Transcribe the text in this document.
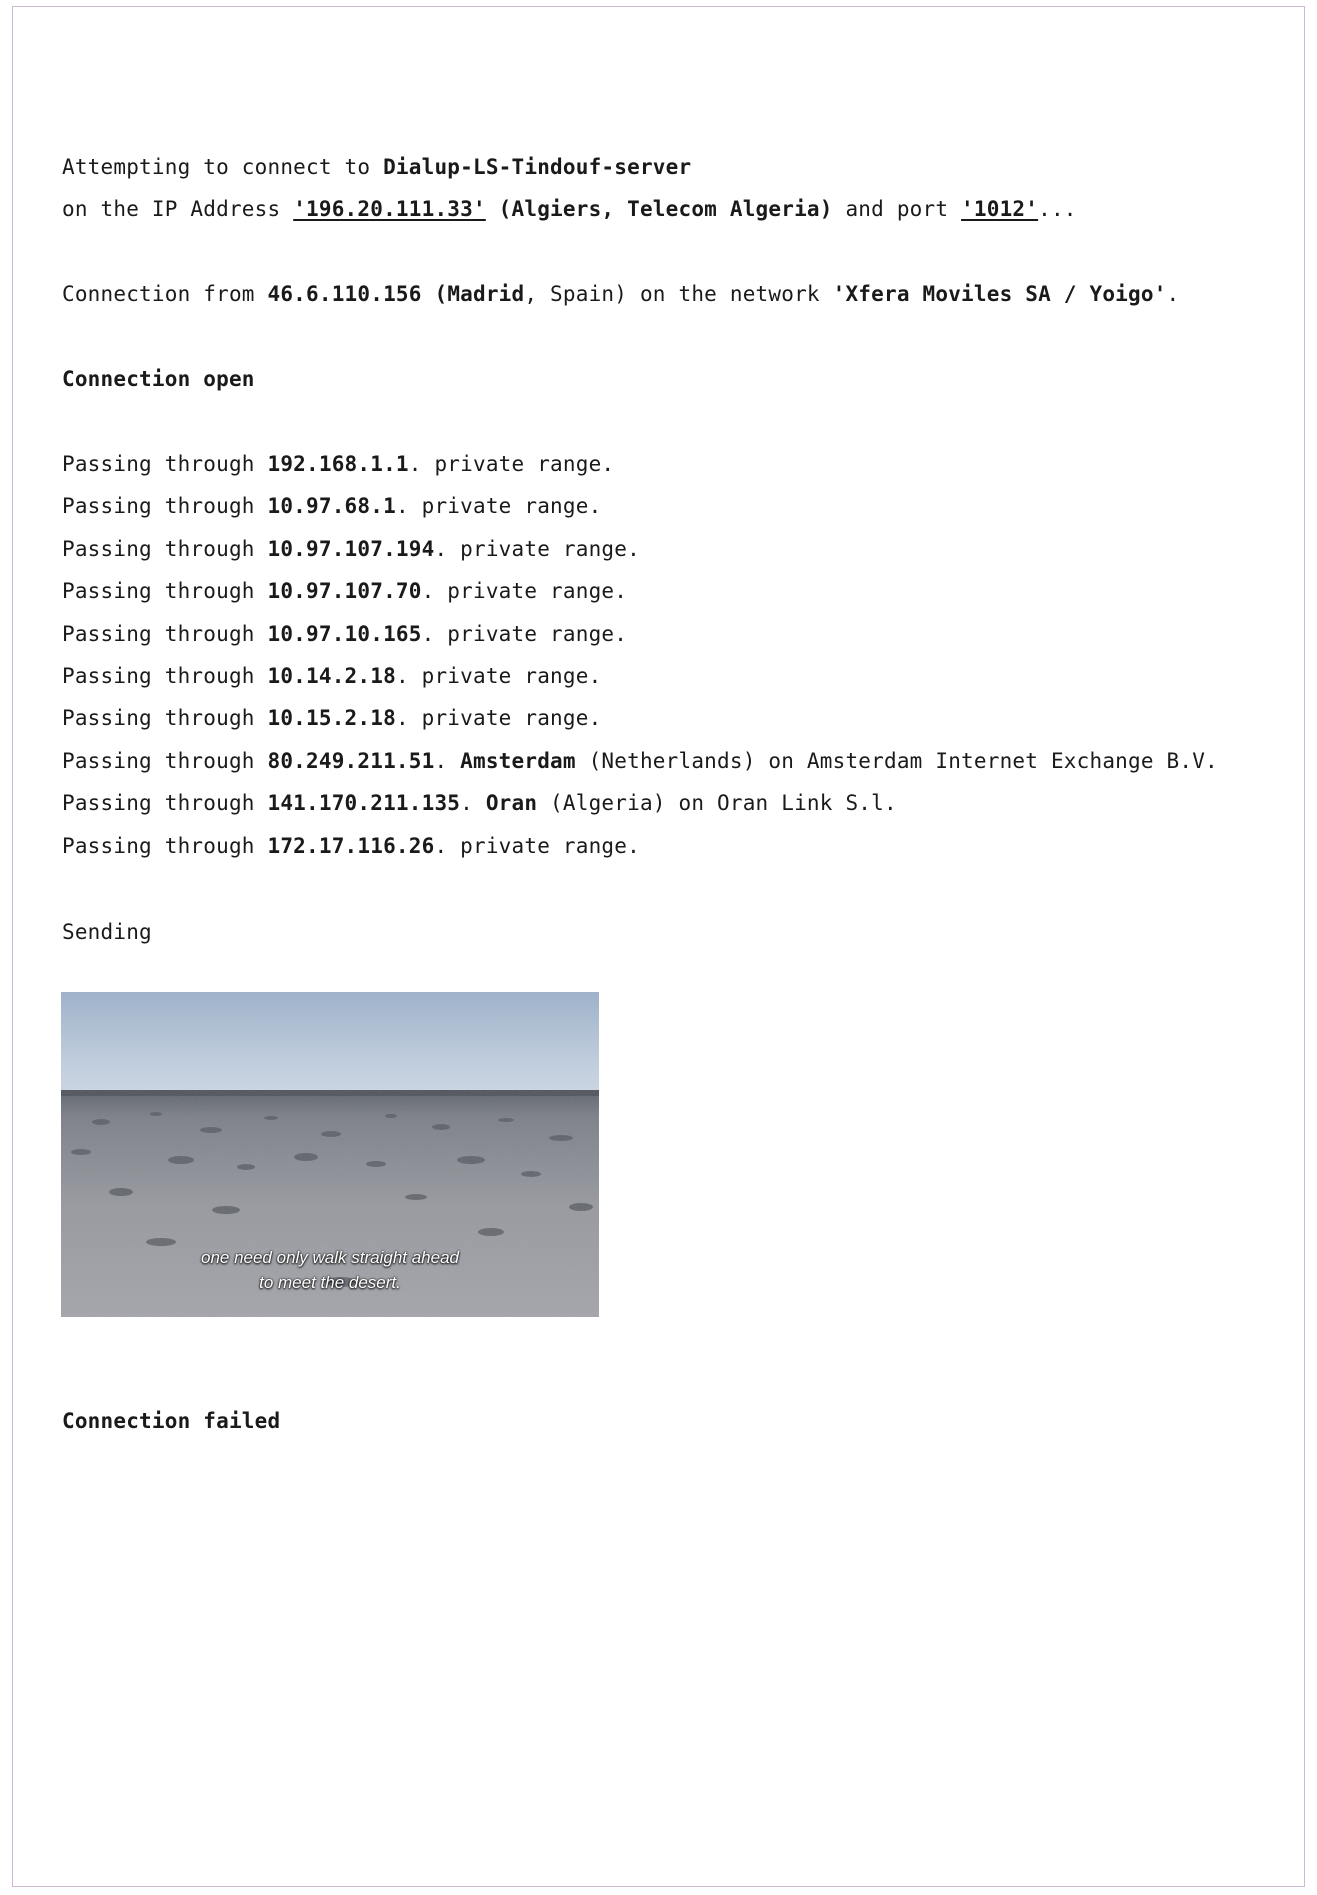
Attempting to connect to Dialup-LS-Tindouf-server
on the IP Address '196.20.111.33' (Algiers, Telecom Algeria) and port '1012'...
Connection from 46.6.110.156 (Madrid, Spain) on the network 'Xfera Moviles SA / Yoigo'.
Connection open
Passing through 192.168.1.1. private range.
Passing through 10.97.68.1. private range.
Passing through 10.97.107.194. private range.
Passing through 10.97.107.70. private range.
Passing through 10.97.10.165. private range.
Passing through 10.14.2.18. private range.
Passing through 10.15.2.18. private range.
Passing through 80.249.211.51. Amsterdam (Netherlands) on Amsterdam Internet Exchange B.V.
Passing through 141.170.211.135. Oran (Algeria) on Oran Link S.l.
Passing through 172.17.116.26. private range.
Sending
one need only walk straight ahead
to meet the desert.
Connection failed
